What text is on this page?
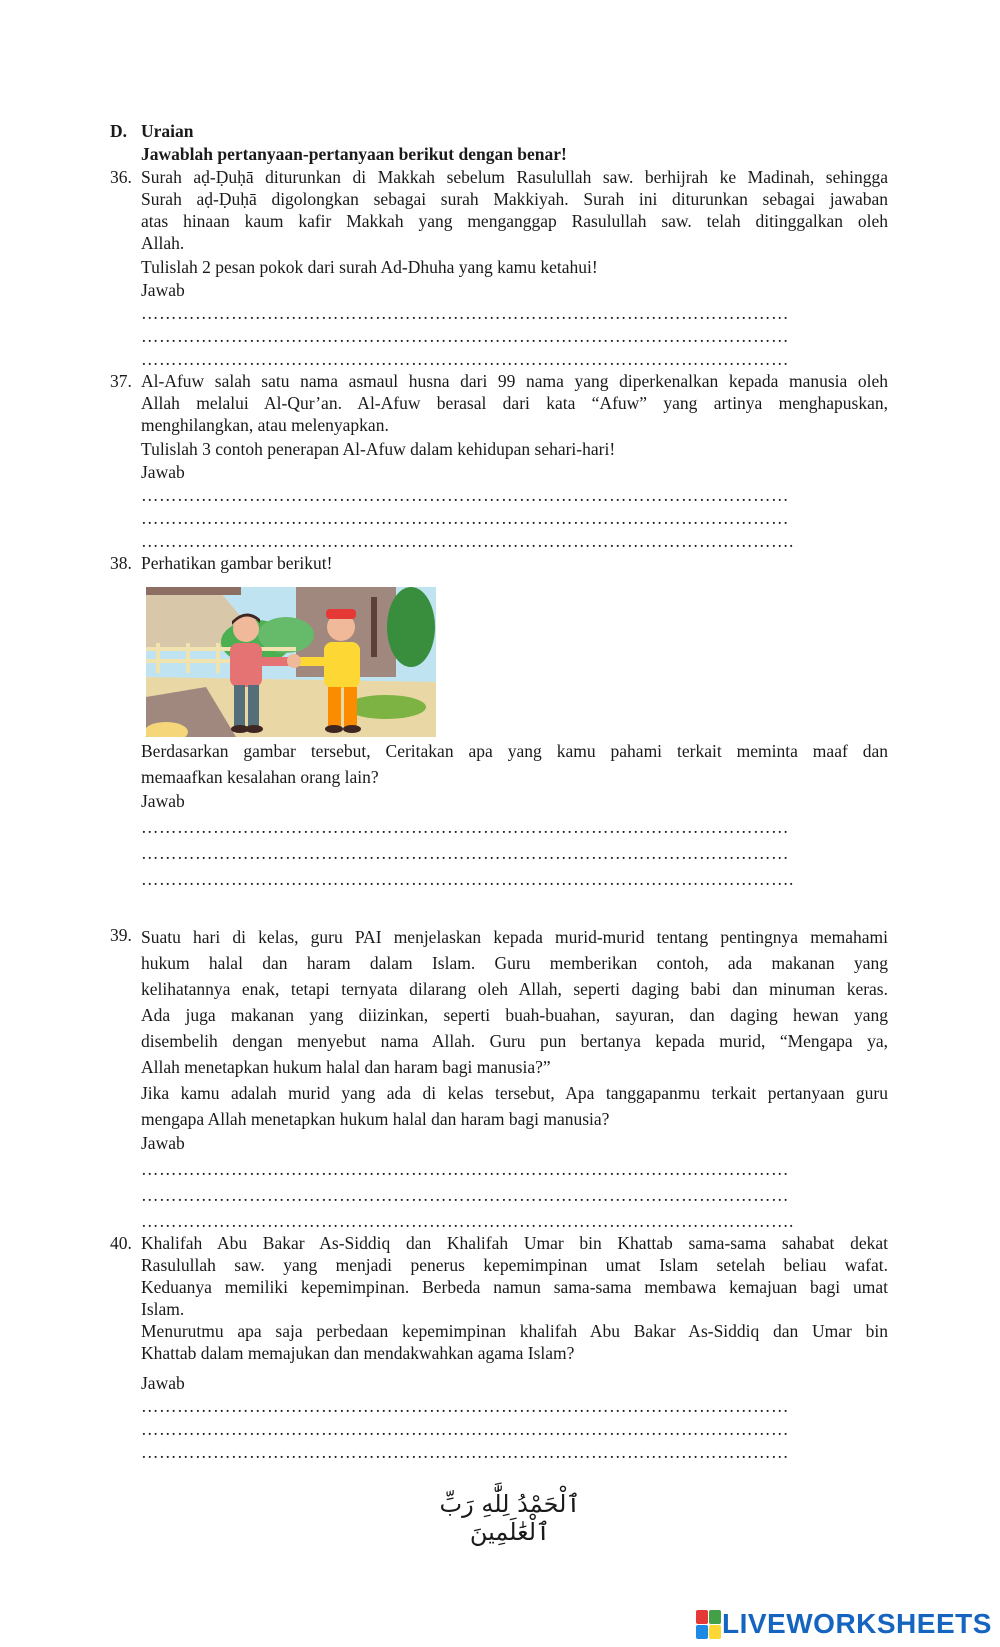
D. Uraian
Jawablah pertanyaan-pertanyaan berikut dengan benar!
36. Surah aḍ-Ḍuḥā diturunkan di Makkah sebelum Rasulullah saw. berhijrah ke Madinah, sehingga
Surah aḍ-Ḍuḥā digolongkan sebagai surah Makkiyah. Surah ini diturunkan sebagai jawaban
atas hinaan kaum kafir Makkah yang menganggap Rasulullah saw. telah ditinggalkan oleh
Allah.
Tulislah 2 pesan pokok dari surah Ad-Dhuha yang kamu ketahui!
Jawab
………………………………………………………………………………………………
………………………………………………………………………………………………
………………………………………………………………………………………………
37. Al-Afuw salah satu nama asmaul husna dari 99 nama yang diperkenalkan kepada manusia oleh
Allah melalui Al-Qur’an. Al-Afuw berasal dari kata “Afuw” yang artinya menghapuskan,
menghilangkan, atau melenyapkan.
Tulislah 3 contoh penerapan Al-Afuw dalam kehidupan sehari-hari!
Jawab
………………………………………………………………………………………………
………………………………………………………………………………………………
……………………………………………………………………………………………….
38. Perhatikan gambar berikut!
Berdasarkan gambar tersebut, Ceritakan apa yang kamu pahami terkait meminta maaf dan
memaafkan kesalahan orang lain?
Jawab
………………………………………………………………………………………………
………………………………………………………………………………………………
……………………………………………………………………………………………….
39. Suatu hari di kelas, guru PAI menjelaskan kepada murid-murid tentang pentingnya memahami
hukum halal dan haram dalam Islam. Guru memberikan contoh, ada makanan yang
kelihatannya enak, tetapi ternyata dilarang oleh Allah, seperti daging babi dan minuman keras.
Ada juga makanan yang diizinkan, seperti buah-buahan, sayuran, dan daging hewan yang
disembelih dengan menyebut nama Allah. Guru pun bertanya kepada murid, “Mengapa ya,
Allah menetapkan hukum halal dan haram bagi manusia?”
Jika kamu adalah murid yang ada di kelas tersebut, Apa tanggapanmu terkait pertanyaan guru
mengapa Allah menetapkan hukum halal dan haram bagi manusia?
Jawab
………………………………………………………………………………………………
………………………………………………………………………………………………
……………………………………………………………………………………………….
40. Khalifah Abu Bakar As-Siddiq dan Khalifah Umar bin Khattab sama-sama sahabat dekat
Rasulullah saw. yang menjadi penerus kepemimpinan umat Islam setelah beliau wafat.
Keduanya memiliki kepemimpinan. Berbeda namun sama-sama membawa kemajuan bagi umat
Islam.
Menurutmu apa saja perbedaan kepemimpinan khalifah Abu Bakar As-Siddiq dan Umar bin
Khattab dalam memajukan dan mendakwahkan agama Islam?
Jawab
………………………………………………………………………………………………
………………………………………………………………………………………………
………………………………………………………………………………………………
ٱلْحَمْدُ لِلَّٰهِ رَبِّ ٱلْعَٰلَمِينَ
LIVEWORKSHEETS
